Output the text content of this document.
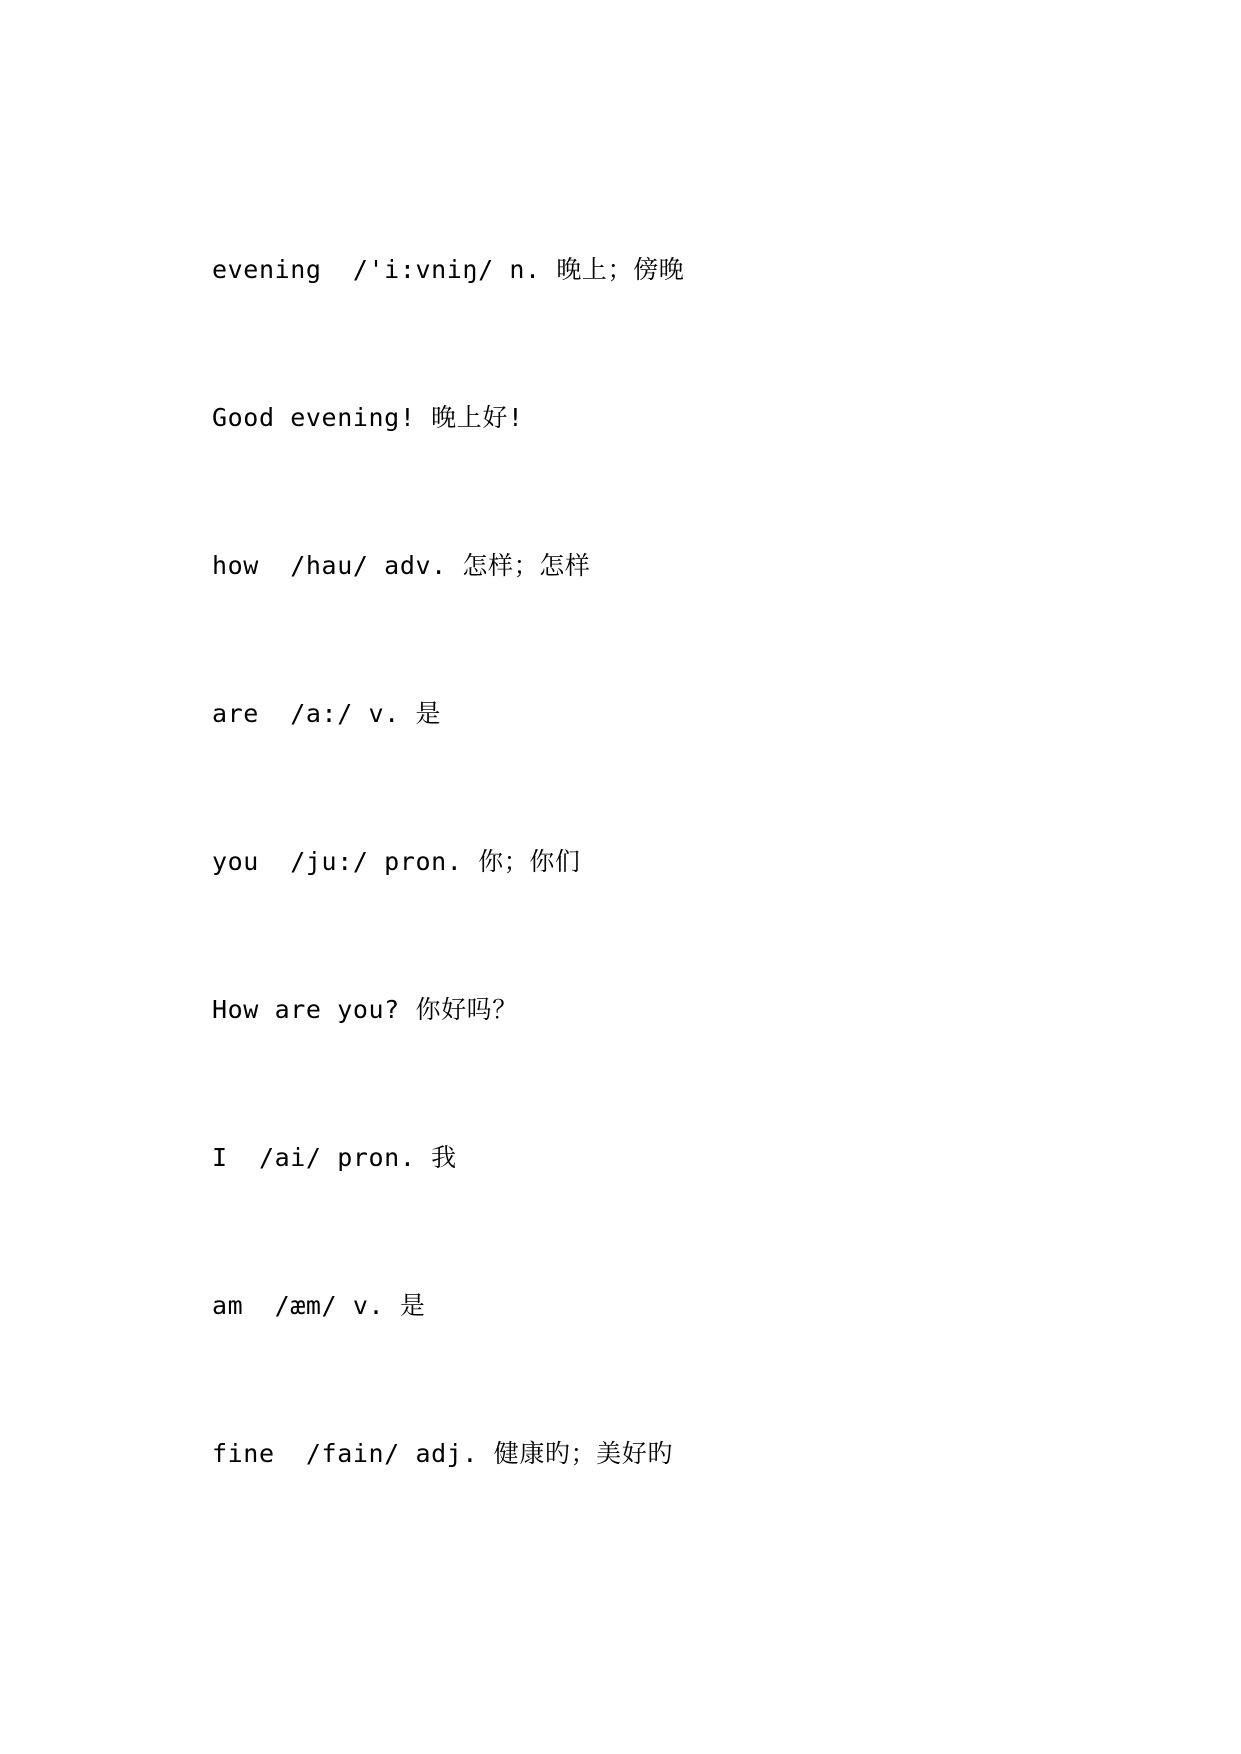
evening  /'i:vniŋ/ n. 晚上；傍晚

Good evening! 晚上好!

how  /hau/ adv. 怎样；怎样

are  /a:/ v. 是

you  /ju:/ pron. 你；你们

How are you? 你好吗？

I  /ai/ pron. 我

am  /æm/ v. 是

fine  /fain/ adj. 健康旳；美好旳
